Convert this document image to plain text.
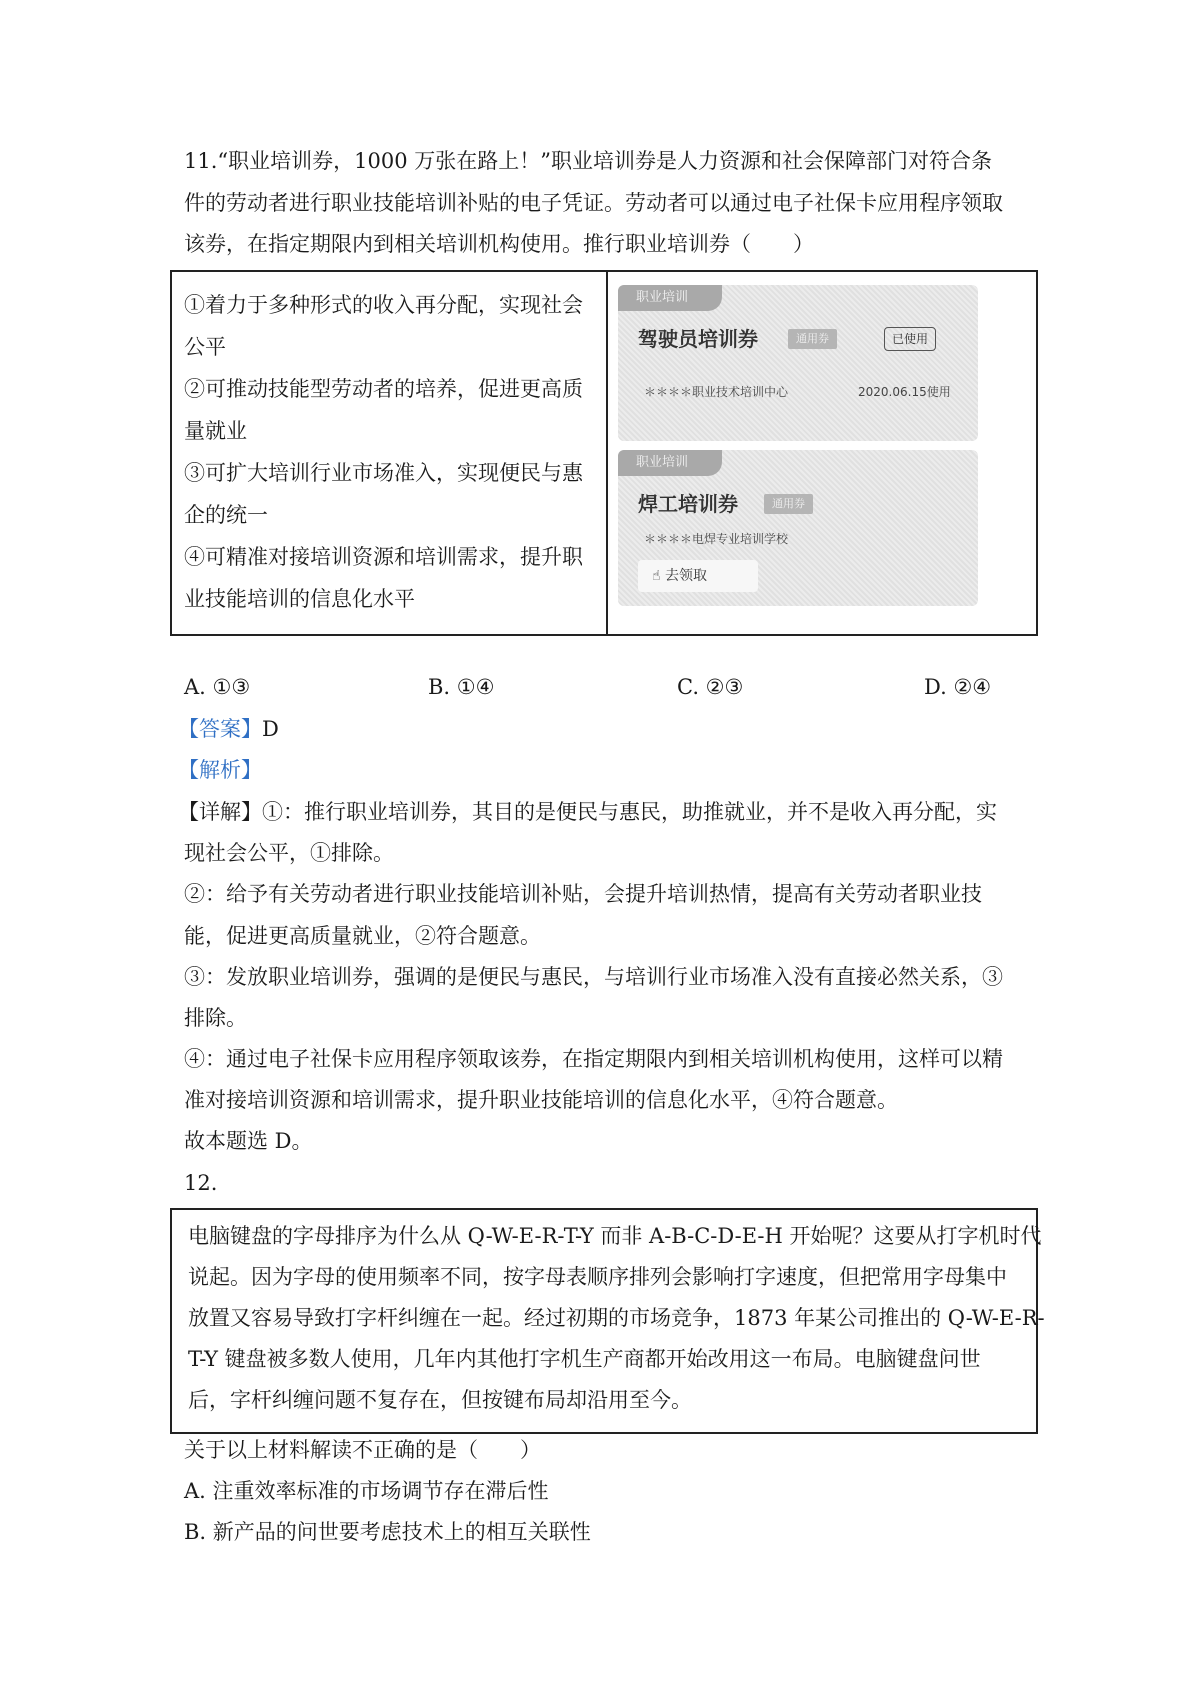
11.“职业培训券，1000 万张在路上！”职业培训券是人力资源和社会保障部门对符合条
件的劳动者进行职业技能培训补贴的电子凭证。劳动者可以通过电子社保卡应用程序领取
该券，在指定期限内到相关培训机构使用。推行职业培训券（　　）
①着力于多种形式的收入再分配，实现社会
公平
②可推动技能型劳动者的培养，促进更高质
量就业
③可扩大培训行业市场准入，实现便民与惠
企的统一
④可精准对接培训资源和培训需求，提升职
业技能培训的信息化水平
职业培训
驾驶员培训券	通用券	已使用
＊＊＊＊职业技术培训中心	2020.06.15使用
职业培训
焊工培训券	通用券
＊＊＊＊电焊专业培训学校
☝ 去领取
A. ①③	B. ①④	C. ②③	D. ②④
【答案】D
【解析】
【详解】①：推行职业培训券，其目的是便民与惠民，助推就业，并不是收入再分配，实
现社会公平，①排除。
②：给予有关劳动者进行职业技能培训补贴，会提升培训热情，提高有关劳动者职业技
能，促进更高质量就业，②符合题意。
③：发放职业培训券，强调的是便民与惠民，与培训行业市场准入没有直接必然关系，③
排除。
④：通过电子社保卡应用程序领取该券，在指定期限内到相关培训机构使用，这样可以精
准对接培训资源和培训需求，提升职业技能培训的信息化水平，④符合题意。
故本题选 D。
12.
电脑键盘的字母排序为什么从 Q-W-E-R-T-Y 而非 A-B-C-D-E-H 开始呢？这要从打字机时代
说起。因为字母的使用频率不同，按字母表顺序排列会影响打字速度，但把常用字母集中
放置又容易导致打字杆纠缠在一起。经过初期的市场竞争，1873 年某公司推出的 Q-W-E-R-
T-Y 键盘被多数人使用，几年内其他打字机生产商都开始改用这一布局。电脑键盘问世
后，字杆纠缠问题不复存在，但按键布局却沿用至今。
关于以上材料解读不正确的是（　　）
A. 注重效率标准的市场调节存在滞后性
B. 新产品的问世要考虑技术上的相互关联性
